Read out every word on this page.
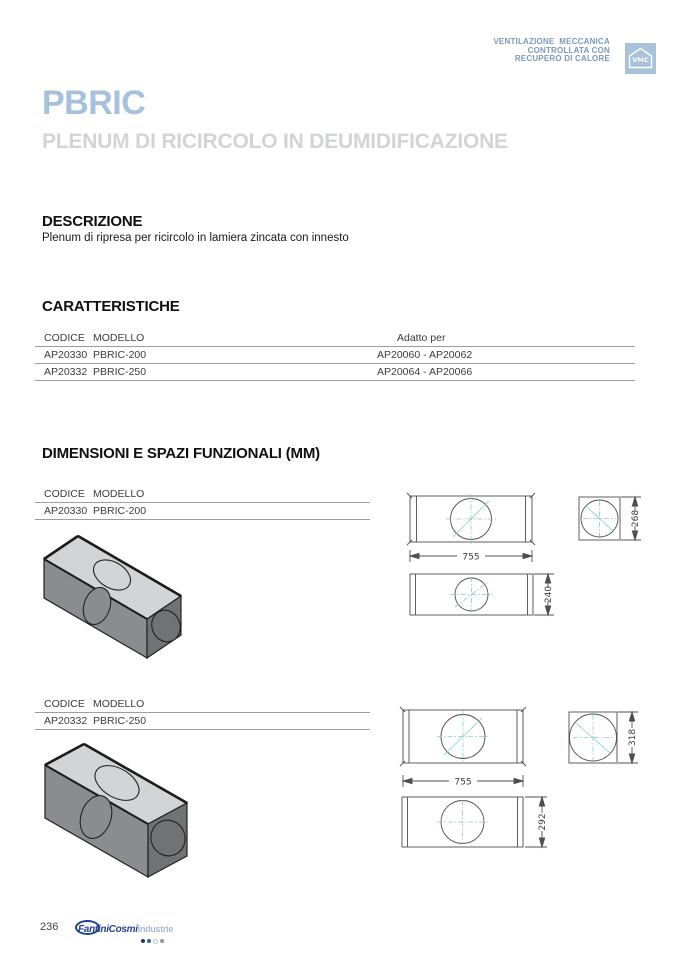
VENTILAZIONE  MECCANICA
CONTROLLATA CON
RECUPERO DI CALORE	VMC
PBRIC
PLENUM DI RICIRCOLO IN DEUMIDIFICAZIONE
DESCRIZIONE
Plenum di ripresa per ricircolo in lamiera zincata con innesto
CARATTERISTICHE
CODICE MODELLO	Adatto per
AP20330 PBRIC-200	AP20060 - AP20062
AP20332 PBRIC-250	AP20064 - AP20066
DIMENSIONI E SPAZI FUNZIONALI (MM)
CODICE MODELLO
AP20330 PBRIC-200
755
268
240
CODICE MODELLO
AP20332 PBRIC-250
755
318
292
236 FantiniCosmiIndustrie
